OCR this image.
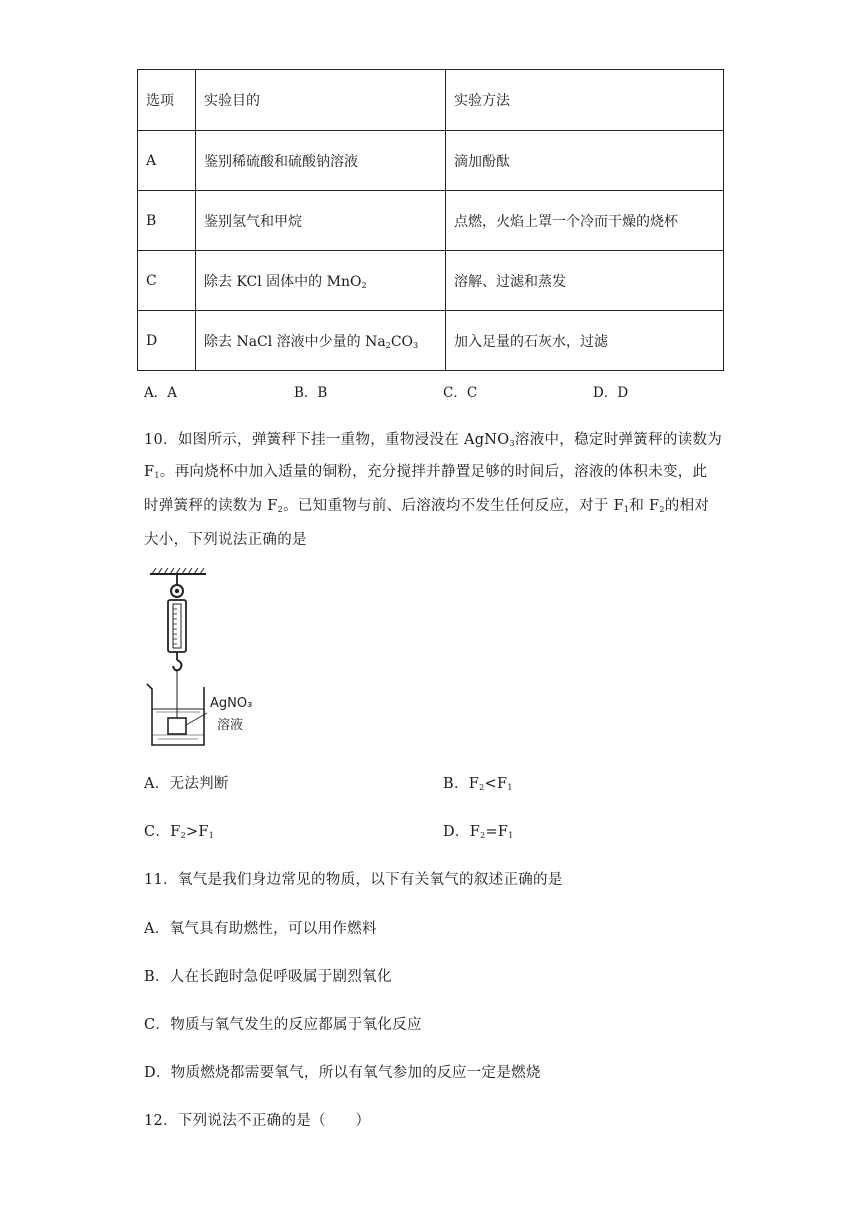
选项	实验目的	实验方法
A	鉴别稀硫酸和硫酸钠溶液	滴加酚酞
B	鉴别氢气和甲烷	点燃，火焰上罩一个冷而干燥的烧杯
C	除去 KCl 固体中的 MnO$_2$	溶解、过滤和蒸发
D	除去 NaCl 溶液中少量的 $Na_2CO_3$	加入足量的石灰水，过滤
A．A	B．B	C．C	D．D
10．如图所示，弹簧秤下挂一重物，重物浸没在 AgNO$_3$溶液中，稳定时弹簧秤的读数为
$F_1$。再向烧杯中加入适量的铜粉，充分搅拌并静置足够的时间后，溶液的体积未变，此
时弹簧秤的读数为 $F_2$。已知重物与前、后溶液均不发生任何反应，对于 $F_1$和 $F_2$的相对
大小，下列说法正确的是
AgNO₃
溶液
A．无法判断	B．$F_2<F_1$
C．$F_2>F_1$	D．$F_2=F_1$
11．氧气是我们身边常见的物质，以下有关氧气的叙述正确的是
A．氧气具有助燃性，可以用作燃料
B．人在长跑时急促呼吸属于剧烈氧化
C．物质与氧气发生的反应都属于氧化反应
D．物质燃烧都需要氧气，所以有氧气参加的反应一定是燃烧
12．下列说法不正确的是（　　）
